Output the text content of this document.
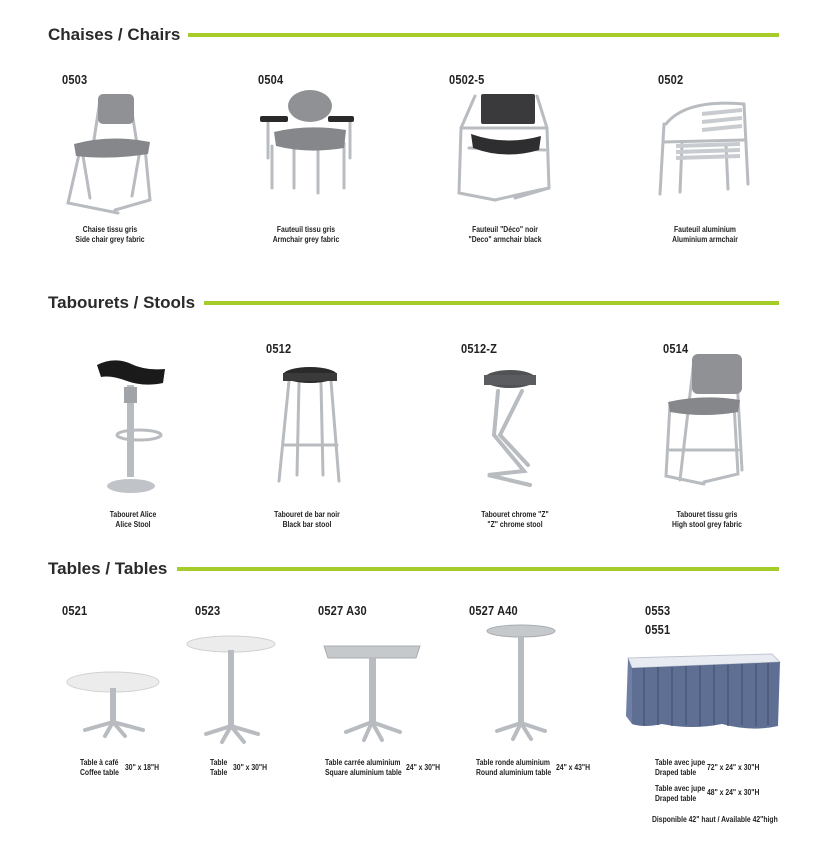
Chaises / Chairs
0503
Chaise tissu gris
Side chair grey fabric
0504
Fauteuil tissu gris
Armchair grey fabric
0502-5
Fauteuil "Déco" noir
"Deco" armchair black
0502
Fauteuil aluminium
Aluminium armchair
Tabourets / Stools
Tabouret Alice
Alice Stool
0512
Tabouret de bar noir
Black bar stool
0512-Z
Tabouret chrome "Z"
"Z" chrome stool
0514
Tabouret tissu gris
High stool grey fabric
Tables / Tables
0521
Table à café
Coffee table
30" x 18"H
0523
Table
Table
30" x 30"H
0527 A30
Table carrée aluminium
Square aluminium table
24" x 30"H
0527 A40
Table ronde aluminium
Round aluminium table
24" x 43"H
0553
0551
Table avec jupe
Draped table
72" x 24" x 30"H
Table avec jupe
Draped table
48" x 24" x 30"H
Disponible 42" haut / Available 42"high
